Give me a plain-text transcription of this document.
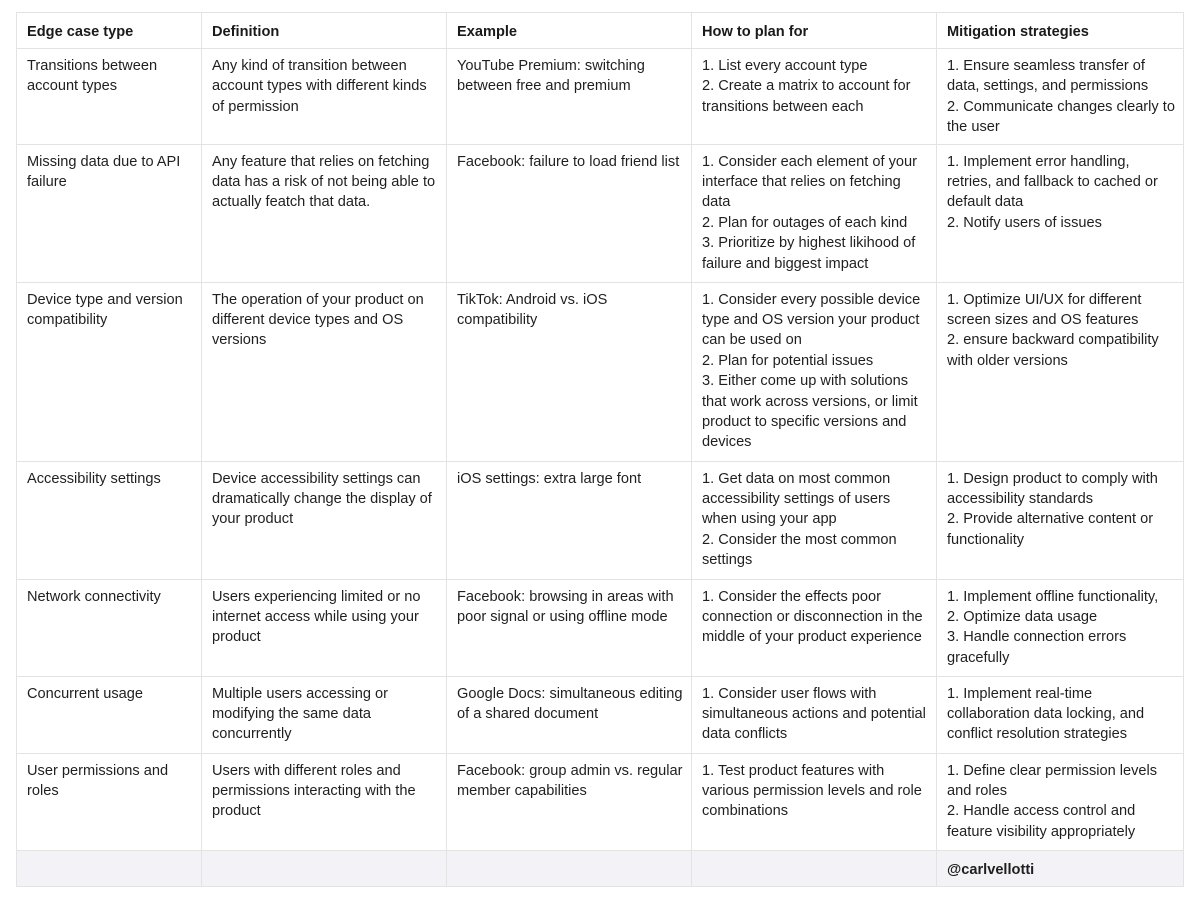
Edge case type	Definition	Example	How to plan for	Mitigation strategies
Transitions between account types	Any kind of transition between account types with different kinds of permission	YouTube Premium: switching between free and premium	1. List every account type
2. Create a matrix to account for transitions between each	1. Ensure seamless transfer of data, settings, and permissions
2. Communicate changes clearly to the user

Missing data due to API failure	Any feature that relies on fetching data has a risk of not being able to actually featch that data.	Facebook: failure to load friend list	1. Consider each element of your interface that relies on fetching data
2. Plan for outages of each kind
3. Prioritize by highest likihood of failure and biggest impact	1. Implement error handling, retries, and fallback to cached or default data
2. Notify users of issues

Device type and version compatibility	The operation of your product on different device types and OS versions	TikTok: Android vs. iOS compatibility	1. Consider every possible device type and OS version your product can be used on
2. Plan for potential issues
3. Either come up with solutions that work across versions, or limit product to specific versions and devices	1. Optimize UI/UX for different screen sizes and OS features
2. ensure backward compatibility with older versions

Accessibility settings	Device accessibility settings can dramatically change the display of your product	iOS settings: extra large font	1. Get data on most common accessibility settings of users when using your app
2. Consider the most common settings	1. Design product to comply with accessibility standards
2. Provide alternative content or functionality

Network connectivity	Users experiencing limited or no internet access while using your product	Facebook: browsing in areas with poor signal or using offline mode	1. Consider the effects poor connection or disconnection in the middle of your product experience	1. Implement offline functionality,
2. Optimize data usage
3. Handle connection errors gracefully

Concurrent usage	Multiple users accessing or modifying the same data concurrently	Google Docs: simultaneous editing of a shared document	1. Consider user flows with simultaneous actions and potential data conflicts	1. Implement real-time collaboration data locking, and conflict resolution strategies

User permissions and roles	Users with different roles and permissions interacting with the product	Facebook: group admin vs. regular member capabilities	1. Test product features with various permission levels and role combinations	1. Define clear permission levels and roles
2. Handle access control and feature visibility appropriately

				@carlvellotti
